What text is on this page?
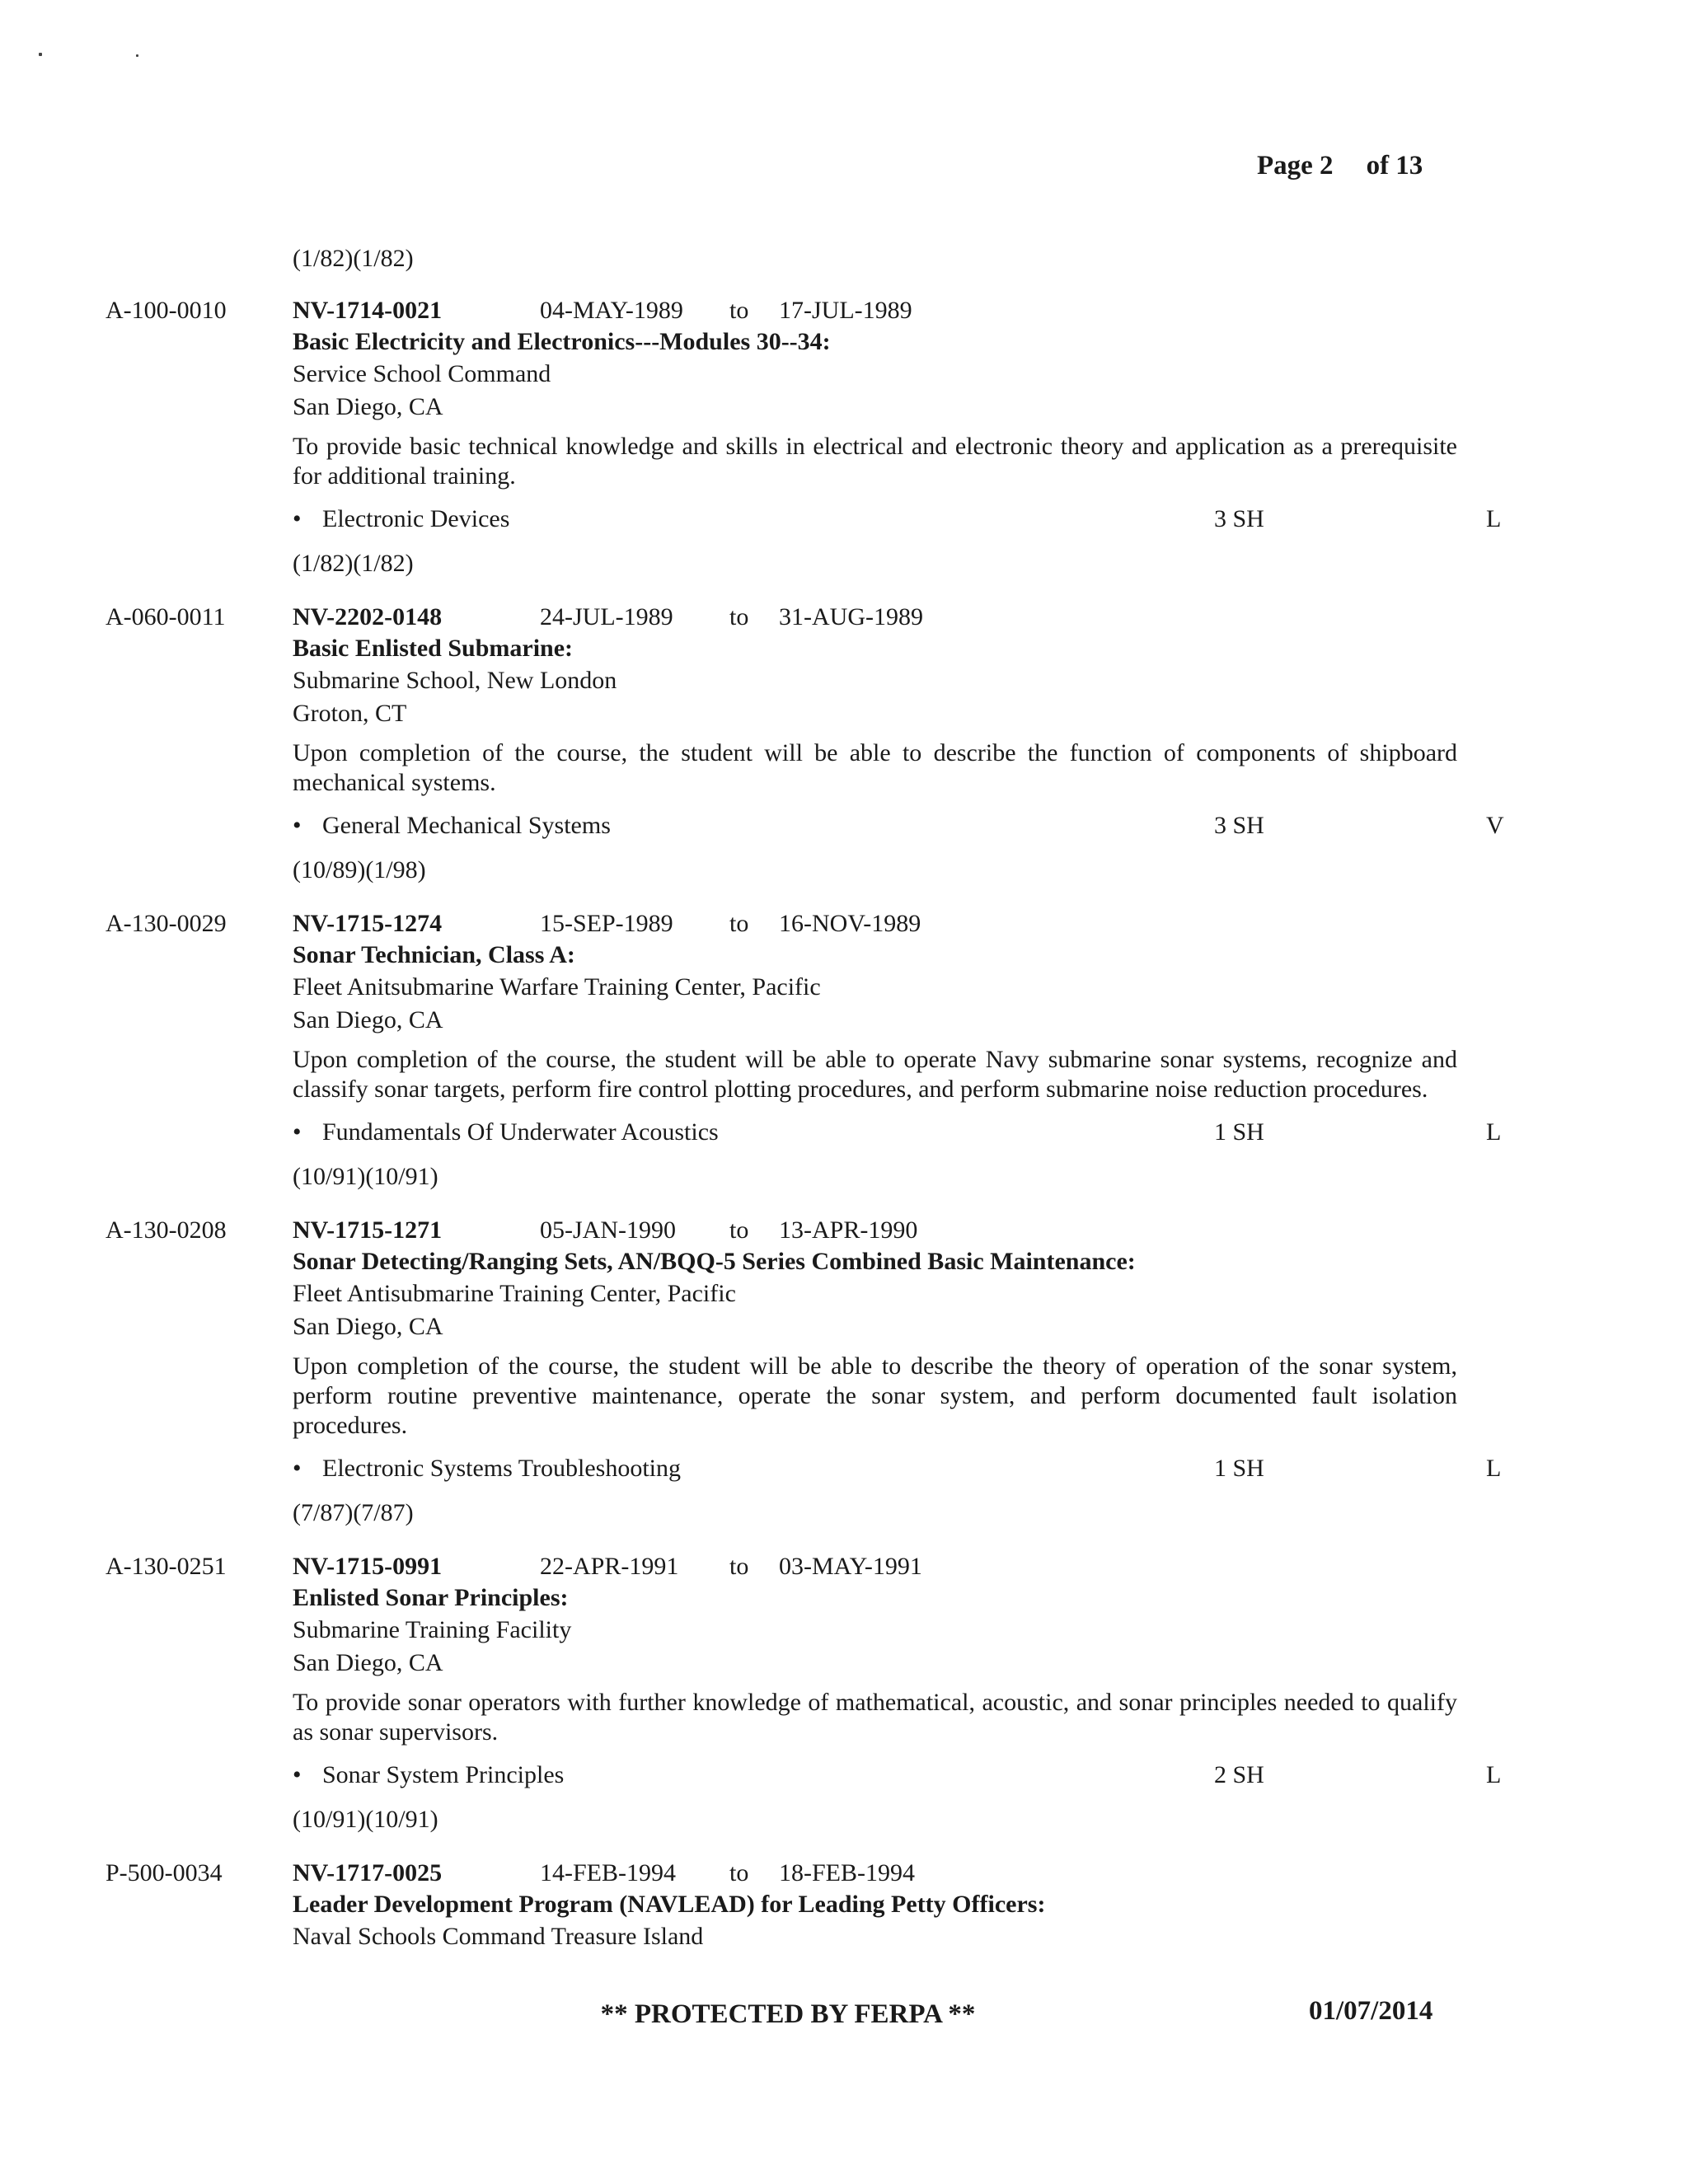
Page 2 of 13
(1/82)(1/82)
A-100-0010	NV-1714-0021	04-MAY-1989	to	17-JUL-1989
Basic Electricity and Electronics---Modules 30--34:
Service School Command
San Diego, CA
To provide basic technical knowledge and skills in electrical and electronic theory and application as a prerequisite for additional training.
• Electronic Devices	3 SH	L
(1/82)(1/82)
A-060-0011	NV-2202-0148	24-JUL-1989	to	31-AUG-1989
Basic Enlisted Submarine:
Submarine School, New London
Groton, CT
Upon completion of the course, the student will be able to describe the function of components of shipboard mechanical systems.
• General Mechanical Systems	3 SH	V
(10/89)(1/98)
A-130-0029	NV-1715-1274	15-SEP-1989	to	16-NOV-1989
Sonar Technician, Class A:
Fleet Anitsubmarine Warfare Training Center, Pacific
San Diego, CA
Upon completion of the course, the student will be able to operate Navy submarine sonar systems, recognize and classify sonar targets, perform fire control plotting procedures, and perform submarine noise reduction procedures.
• Fundamentals Of Underwater Acoustics	1 SH	L
(10/91)(10/91)
A-130-0208	NV-1715-1271	05-JAN-1990	to	13-APR-1990
Sonar Detecting/Ranging Sets, AN/BQQ-5 Series Combined Basic Maintenance:
Fleet Antisubmarine Training Center, Pacific
San Diego, CA
Upon completion of the course, the student will be able to describe the theory of operation of the sonar system, perform routine preventive maintenance, operate the sonar system, and perform documented fault isolation procedures.
• Electronic Systems Troubleshooting	1 SH	L
(7/87)(7/87)
A-130-0251	NV-1715-0991	22-APR-1991	to	03-MAY-1991
Enlisted Sonar Principles:
Submarine Training Facility
San Diego, CA
To provide sonar operators with further knowledge of mathematical, acoustic, and sonar principles needed to qualify as sonar supervisors.
• Sonar System Principles	2 SH	L
(10/91)(10/91)
P-500-0034	NV-1717-0025	14-FEB-1994	to	18-FEB-1994
Leader Development Program (NAVLEAD) for Leading Petty Officers:
Naval Schools Command Treasure Island
** PROTECTED BY FERPA **	01/07/2014
